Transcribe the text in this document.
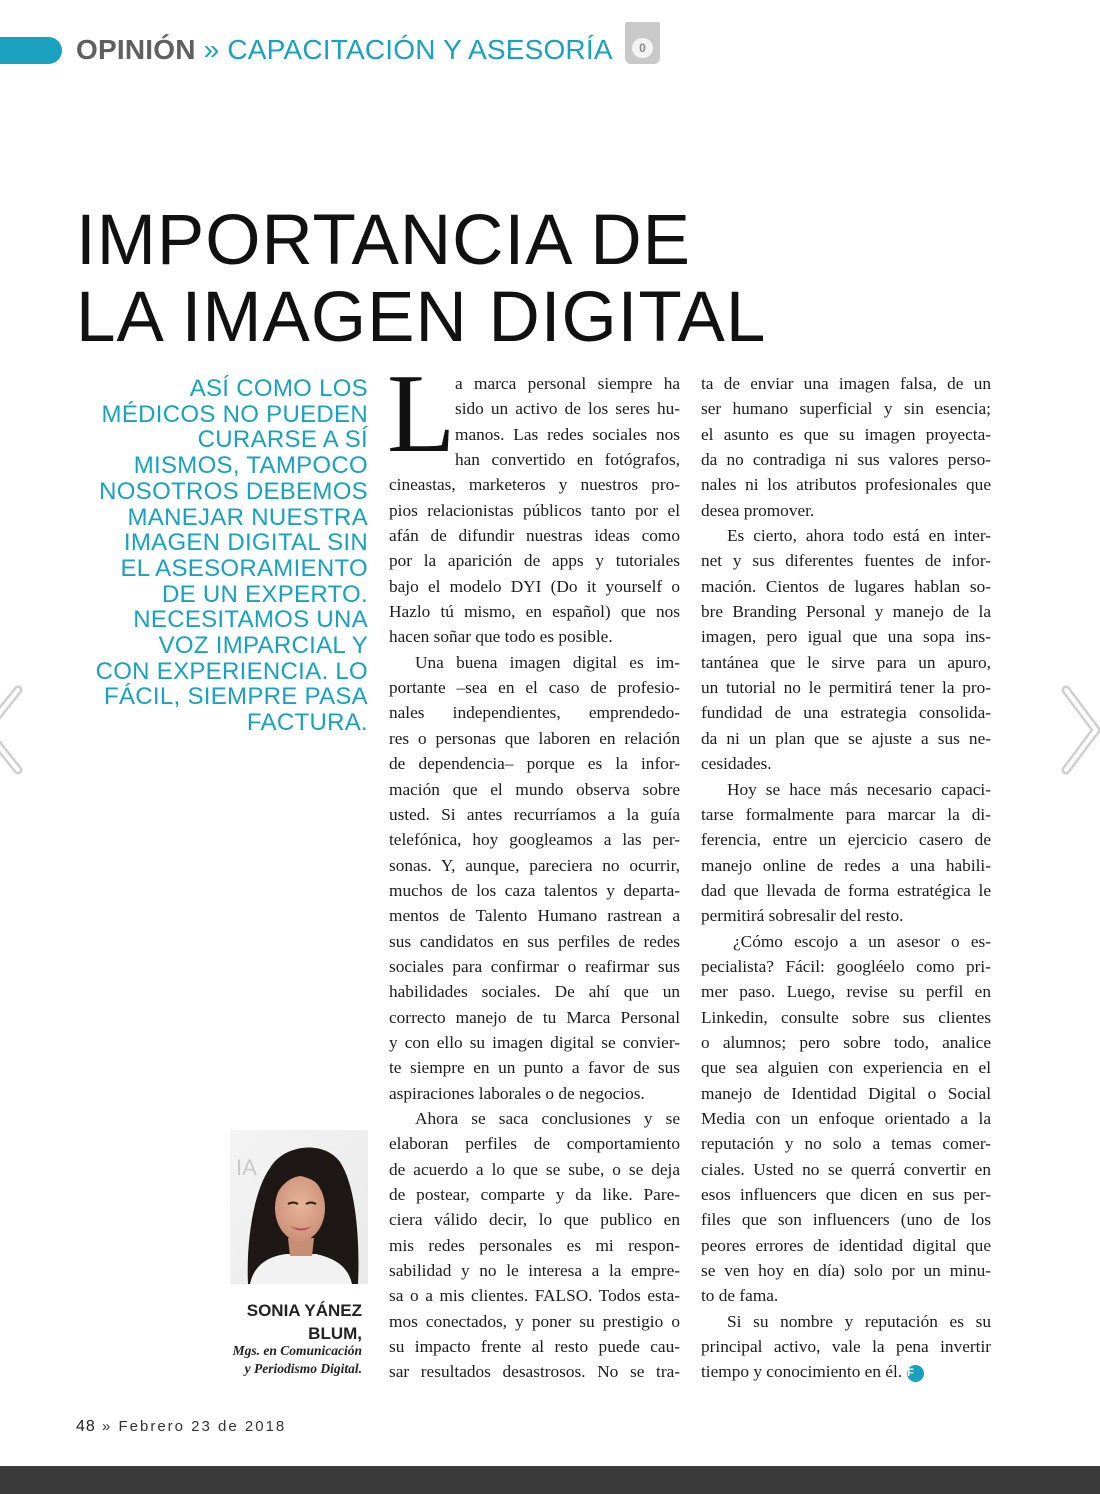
OPINIÓN » CAPACITACIÓN Y ASESORÍA	0
IMPORTANCIA DE
LA IMAGEN DIGITAL
ASÍ COMO LOS
MÉDICOS NO PUEDEN
CURARSE A SÍ
MISMOS, TAMPOCO
NOSOTROS DEBEMOS
MANEJAR NUESTRA
IMAGEN DIGITAL SIN
EL ASESORAMIENTO
DE UN EXPERTO.
NECESITAMOS UNA
VOZ IMPARCIAL Y
CON EXPERIENCIA. LO
FÁCIL, SIEMPRE PASA
FACTURA.
IA
SONIA YÁNEZ
BLUM,
Mgs. en Comunicación
y Periodismo Digital.
L a marca personal siempre ha
sido un activo de los seres hu-
manos. Las redes sociales nos
han convertido en fotógrafos,
cineastas, marketeros y nuestros pro-
pios relacionistas públicos tanto por el
afán de difundir nuestras ideas como
por la aparición de apps y tutoriales
bajo el modelo DYI (Do it yourself o
Hazlo tú mismo, en español) que nos
hacen soñar que todo es posible.
Una buena imagen digital es im-
portante –sea en el caso de profesio-
nales independientes, emprendedo-
res o personas que laboren en relación
de dependencia– porque es la infor-
mación que el mundo observa sobre
usted. Si antes recurríamos a la guía
telefónica, hoy googleamos a las per-
sonas. Y, aunque, pareciera no ocurrir,
muchos de los caza talentos y departa-
mentos de Talento Humano rastrean a
sus candidatos en sus perfiles de redes
sociales para confirmar o reafirmar sus
habilidades sociales. De ahí que un
correcto manejo de tu Marca Personal
y con ello su imagen digital se convier-
te siempre en un punto a favor de sus
aspiraciones laborales o de negocios.
Ahora se saca conclusiones y se
elaboran perfiles de comportamiento
de acuerdo a lo que se sube, o se deja
de postear, comparte y da like. Pare-
ciera válido decir, lo que publico en
mis redes personales es mi respon-
sabilidad y no le interesa a la empre-
sa o a mis clientes. FALSO. Todos esta-
mos conectados, y poner su prestigio o
su impacto frente al resto puede cau-
sar resultados desastrosos. No se tra-
ta de enviar una imagen falsa, de un
ser humano superficial y sin esencia;
el asunto es que su imagen proyecta-
da no contradiga ni sus valores perso-
nales ni los atributos profesionales que
desea promover.
Es cierto, ahora todo está en inter-
net y sus diferentes fuentes de infor-
mación. Cientos de lugares hablan so-
bre Branding Personal y manejo de la
imagen, pero igual que una sopa ins-
tantánea que le sirve para un apuro,
un tutorial no le permitirá tener la pro-
fundidad de una estrategia consolida-
da ni un plan que se ajuste a sus ne-
cesidades.
Hoy se hace más necesario capaci-
tarse formalmente para marcar la di-
ferencia, entre un ejercicio casero de
manejo online de redes a una habili-
dad que llevada de forma estratégica le
permitirá sobresalir del resto.
¿Cómo escojo a un asesor o es-
pecialista? Fácil: googléelo como pri-
mer paso. Luego, revise su perfil en
Linkedin, consulte sobre sus clientes
o alumnos; pero sobre todo, analice
que sea alguien con experiencia en el
manejo de Identidad Digital o Social
Media con un enfoque orientado a la
reputación y no solo a temas comer-
ciales. Usted no se querrá convertir en
esos influencers que dicen en sus per-
files que son influencers (uno de los
peores errores de identidad digital que
se ven hoy en día) solo por un minu-
to de fama.
Si su nombre y reputación es su
principal activo, vale la pena invertir
tiempo y conocimiento en él. F
48 » Febrero 23 de 2018
